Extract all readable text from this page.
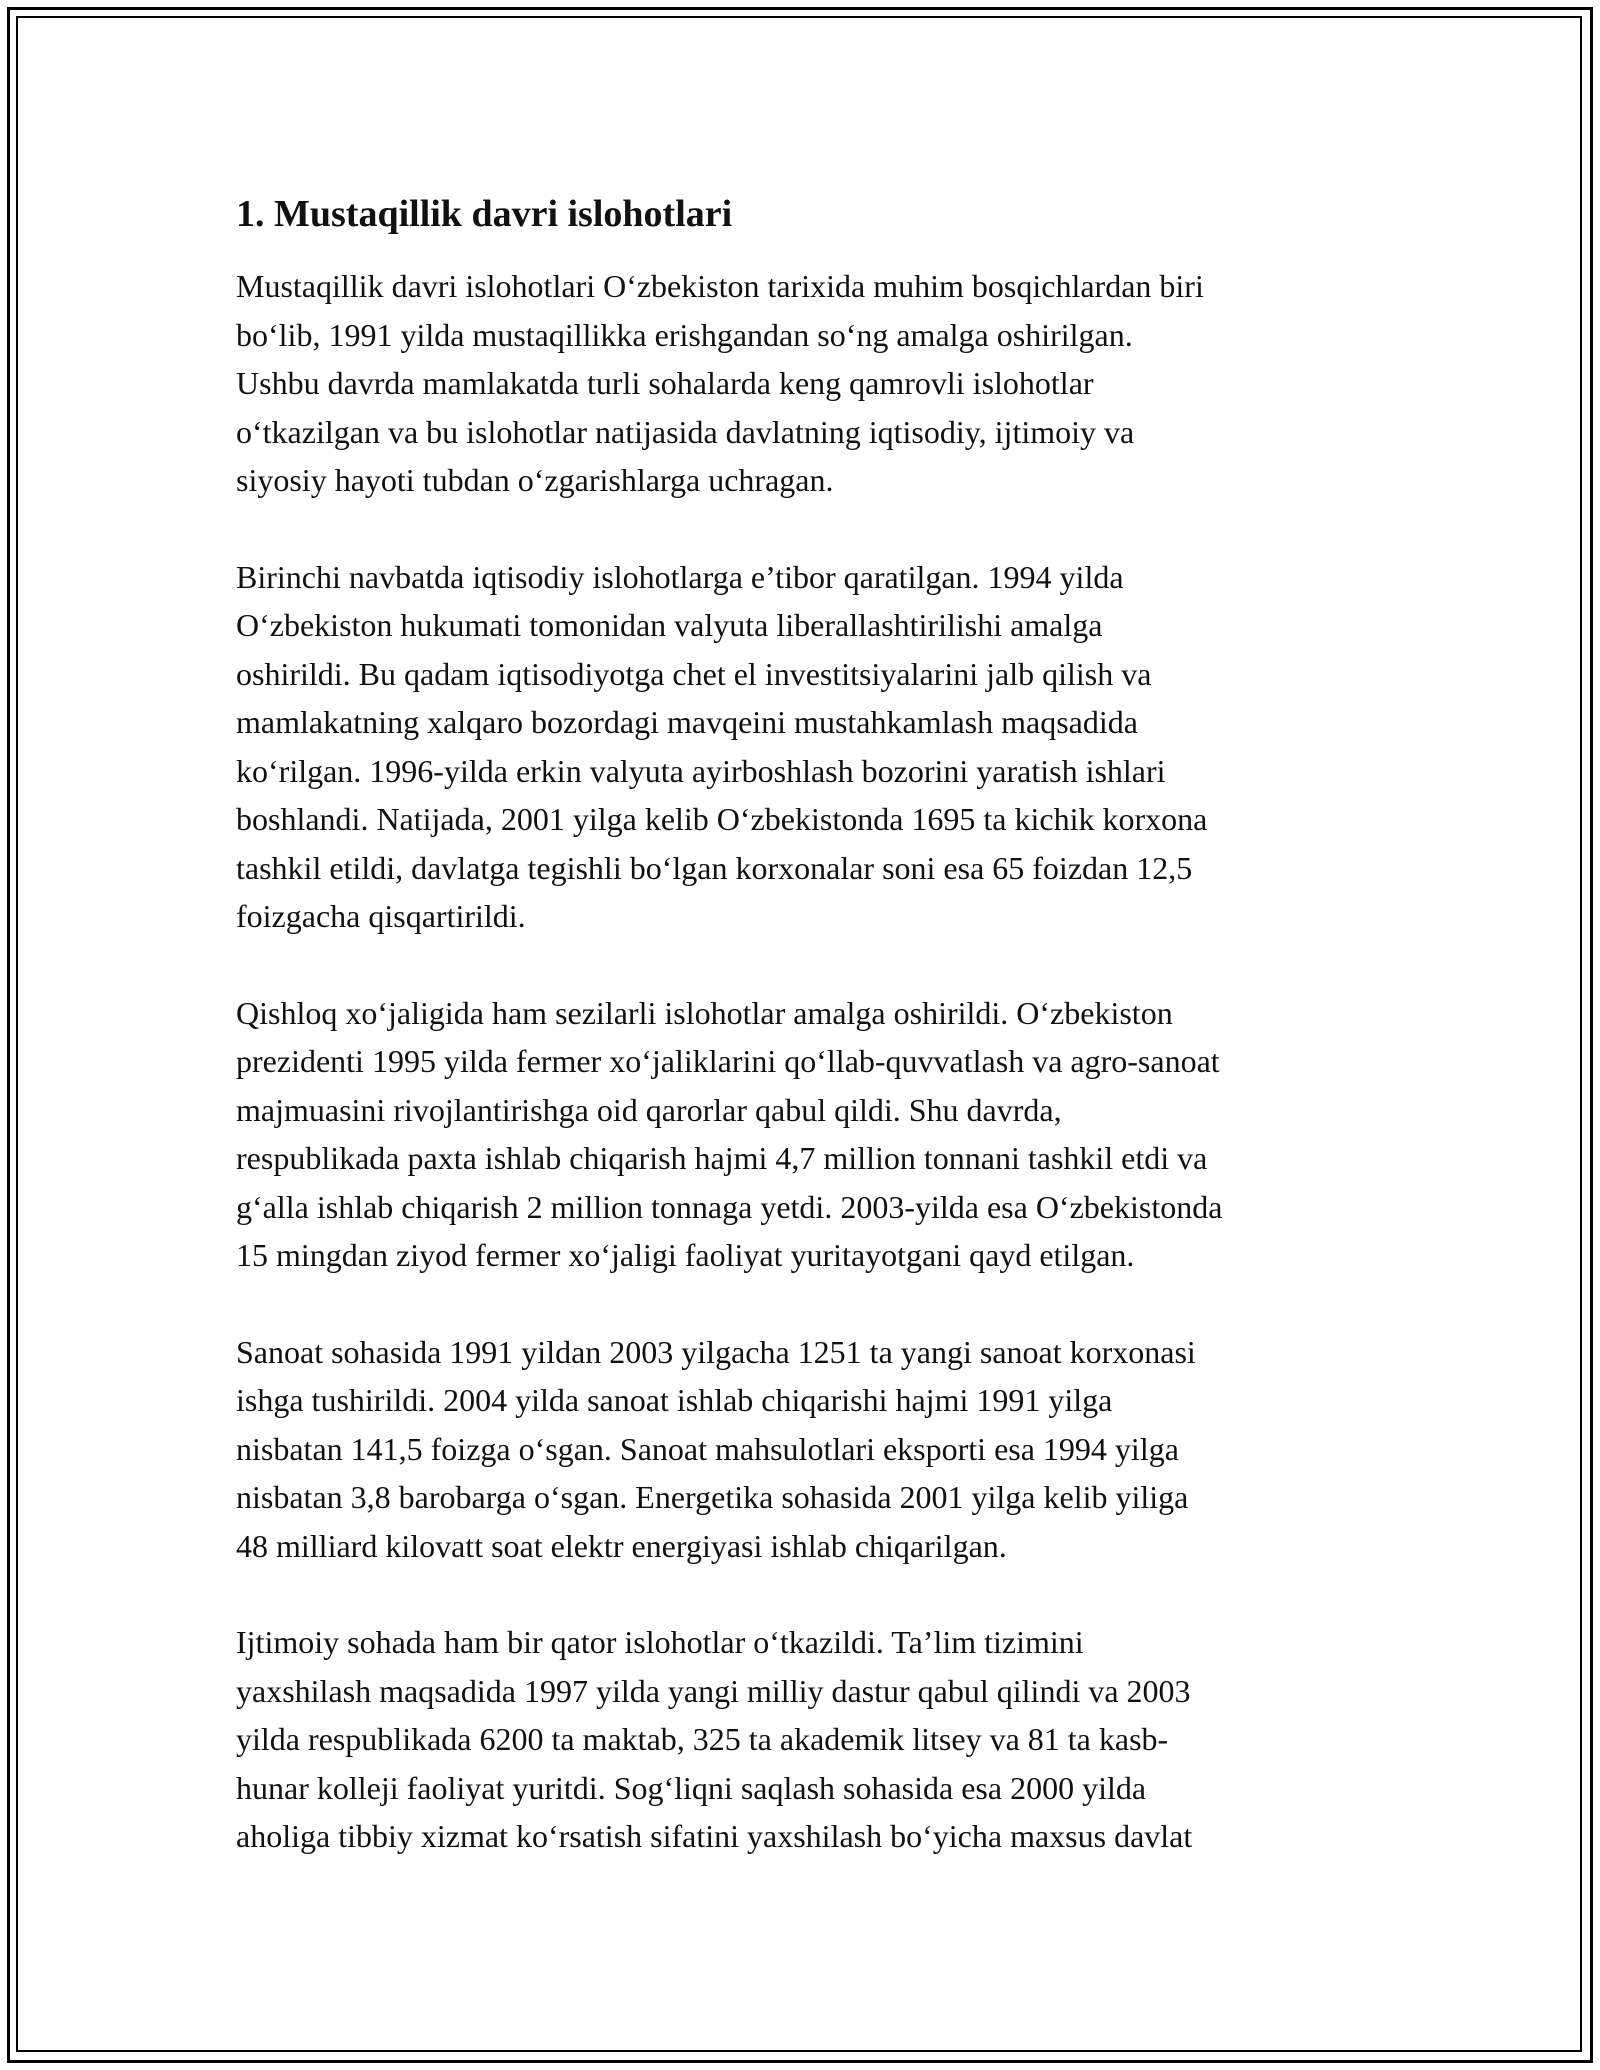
1. Mustaqillik davri islohotlari

Mustaqillik davri islohotlari O‘zbekiston tarixida muhim bosqichlardan biri
bo‘lib, 1991 yilda mustaqillikka erishgandan so‘ng amalga oshirilgan.
Ushbu davrda mamlakatda turli sohalarda keng qamrovli islohotlar
o‘tkazilgan va bu islohotlar natijasida davlatning iqtisodiy, ijtimoiy va
siyosiy hayoti tubdan o‘zgarishlarga uchragan.

Birinchi navbatda iqtisodiy islohotlarga e’tibor qaratilgan. 1994 yilda
O‘zbekiston hukumati tomonidan valyuta liberallashtirilishi amalga
oshirildi. Bu qadam iqtisodiyotga chet el investitsiyalarini jalb qilish va
mamlakatning xalqaro bozordagi mavqeini mustahkamlash maqsadida
ko‘rilgan. 1996-yilda erkin valyuta ayirboshlash bozorini yaratish ishlari
boshlandi. Natijada, 2001 yilga kelib O‘zbekistonda 1695 ta kichik korxona
tashkil etildi, davlatga tegishli bo‘lgan korxonalar soni esa 65 foizdan 12,5
foizgacha qisqartirildi.

Qishloq xo‘jaligida ham sezilarli islohotlar amalga oshirildi. O‘zbekiston
prezidenti 1995 yilda fermer xo‘jaliklarini qo‘llab-quvvatlash va agro-sanoat
majmuasini rivojlantirishga oid qarorlar qabul qildi. Shu davrda,
respublikada paxta ishlab chiqarish hajmi 4,7 million tonnani tashkil etdi va
g‘alla ishlab chiqarish 2 million tonnaga yetdi. 2003-yilda esa O‘zbekistonda
15 mingdan ziyod fermer xo‘jaligi faoliyat yuritayotgani qayd etilgan.

Sanoat sohasida 1991 yildan 2003 yilgacha 1251 ta yangi sanoat korxonasi
ishga tushirildi. 2004 yilda sanoat ishlab chiqarishi hajmi 1991 yilga
nisbatan 141,5 foizga o‘sgan. Sanoat mahsulotlari eksporti esa 1994 yilga
nisbatan 3,8 barobarga o‘sgan. Energetika sohasida 2001 yilga kelib yiliga
48 milliard kilovatt soat elektr energiyasi ishlab chiqarilgan.

Ijtimoiy sohada ham bir qator islohotlar o‘tkazildi. Ta’lim tizimini
yaxshilash maqsadida 1997 yilda yangi milliy dastur qabul qilindi va 2003
yilda respublikada 6200 ta maktab, 325 ta akademik litsey va 81 ta kasb-
hunar kolleji faoliyat yuritdi. Sog‘liqni saqlash sohasida esa 2000 yilda
aholiga tibbiy xizmat ko‘rsatish sifatini yaxshilash bo‘yicha maxsus davlat
